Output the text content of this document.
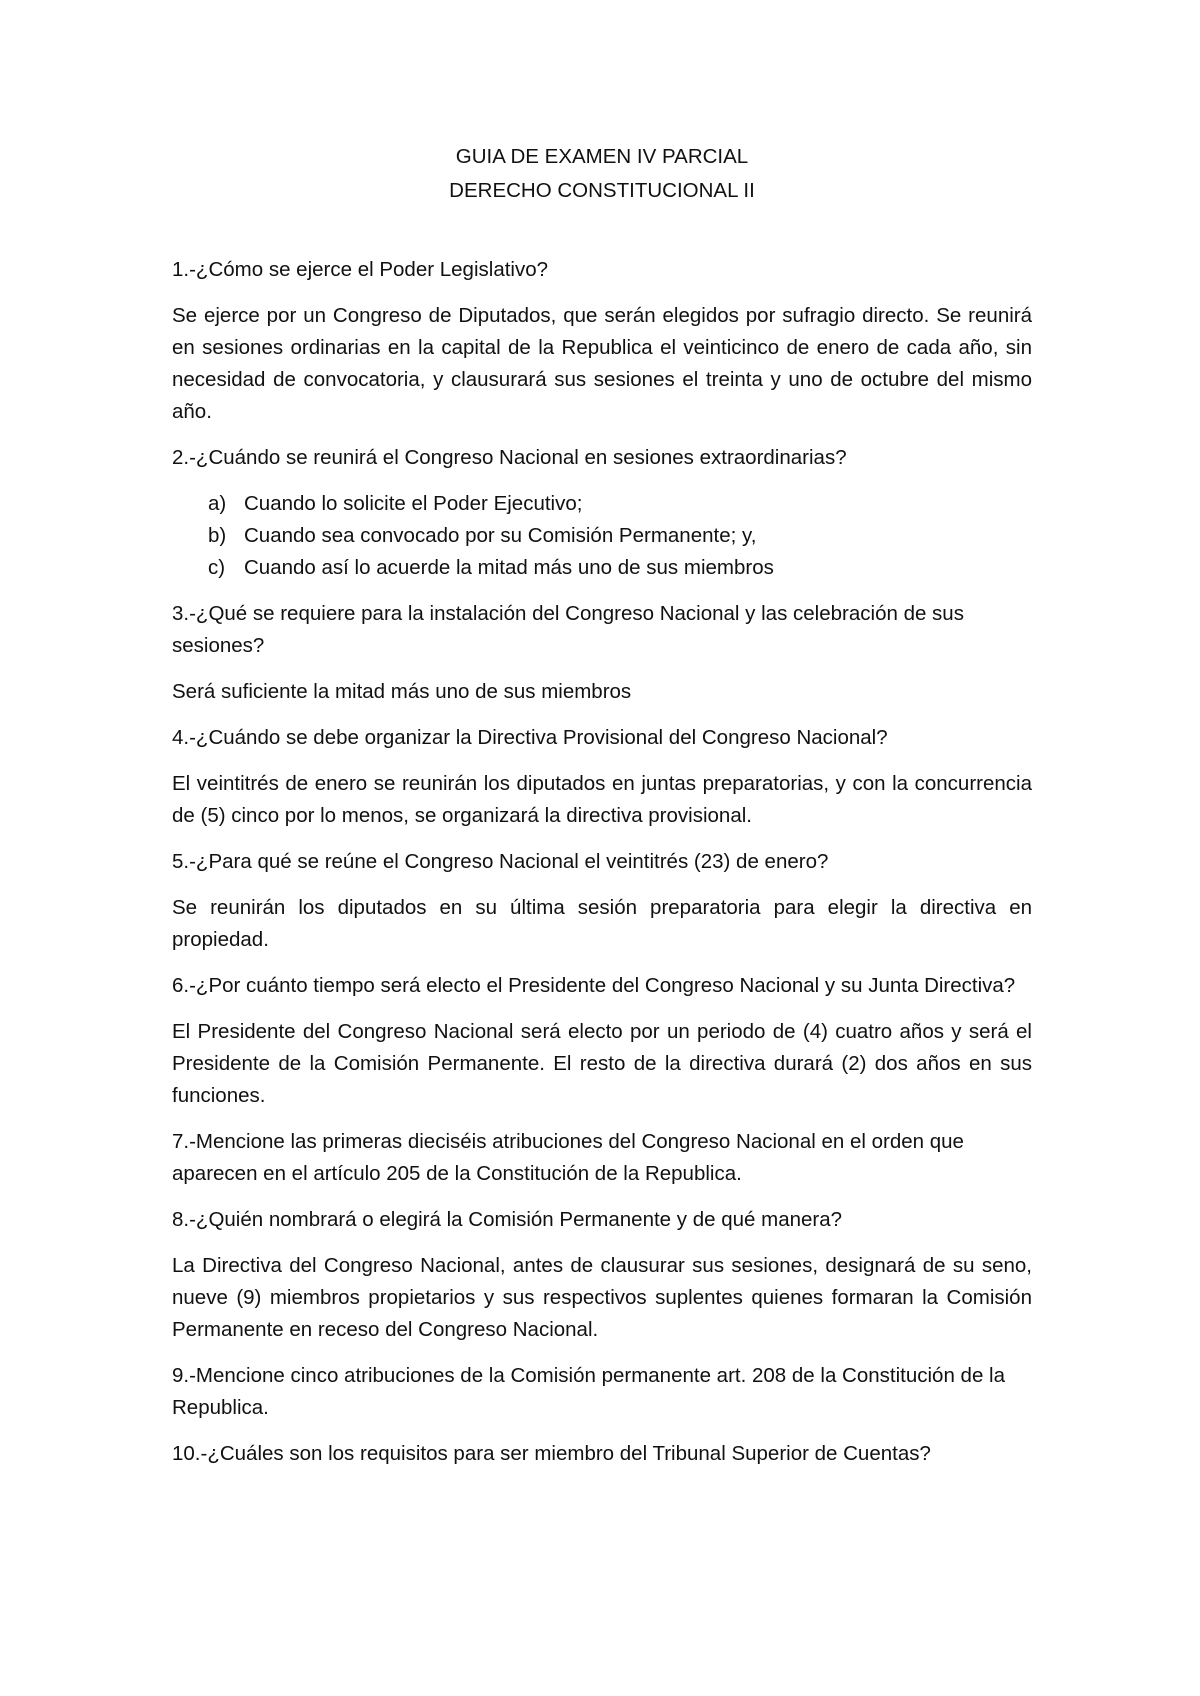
GUIA DE EXAMEN IV PARCIAL
DERECHO CONSTITUCIONAL II

1.-¿Cómo se ejerce el Poder Legislativo?

Se ejerce por un Congreso de Diputados, que serán elegidos por sufragio directo. Se reunirá en sesiones ordinarias en la capital de la Republica el veinticinco de enero de cada año, sin necesidad de convocatoria, y clausurará sus sesiones el treinta y uno de octubre del mismo año.

2.-¿Cuándo se reunirá el Congreso Nacional en sesiones extraordinarias?

a) Cuando lo solicite el Poder Ejecutivo;
b) Cuando sea convocado por su Comisión Permanente; y,
c) Cuando así lo acuerde la mitad más uno de sus miembros

3.-¿Qué se requiere para la instalación del Congreso Nacional y las celebración de sus sesiones?

Será suficiente la mitad más uno de sus miembros

4.-¿Cuándo se debe organizar la Directiva Provisional del Congreso Nacional?

El veintitrés de enero se reunirán los diputados en juntas preparatorias, y con la concurrencia de (5) cinco por lo menos, se organizará la directiva provisional.

5.-¿Para qué se reúne el Congreso Nacional el veintitrés (23) de enero?

Se reunirán los diputados en su última sesión preparatoria para elegir la directiva en propiedad.

6.-¿Por cuánto tiempo será electo el Presidente del Congreso Nacional y su Junta Directiva?

El Presidente del Congreso Nacional será electo por un periodo de (4) cuatro años y será el Presidente de la Comisión Permanente. El resto de la directiva durará (2) dos años en sus funciones.

7.-Mencione las primeras dieciséis atribuciones del Congreso Nacional en el orden que aparecen en el artículo 205 de la Constitución de la Republica.

8.-¿Quién nombrará o elegirá la Comisión Permanente y de qué manera?

La Directiva del Congreso Nacional, antes de clausurar sus sesiones, designará de su seno, nueve (9) miembros propietarios y sus respectivos suplentes quienes formaran la Comisión Permanente en receso del Congreso Nacional.

9.-Mencione cinco atribuciones de la Comisión permanente art. 208 de la Constitución de la Republica.

10.-¿Cuáles son los requisitos para ser miembro del Tribunal Superior de Cuentas?
